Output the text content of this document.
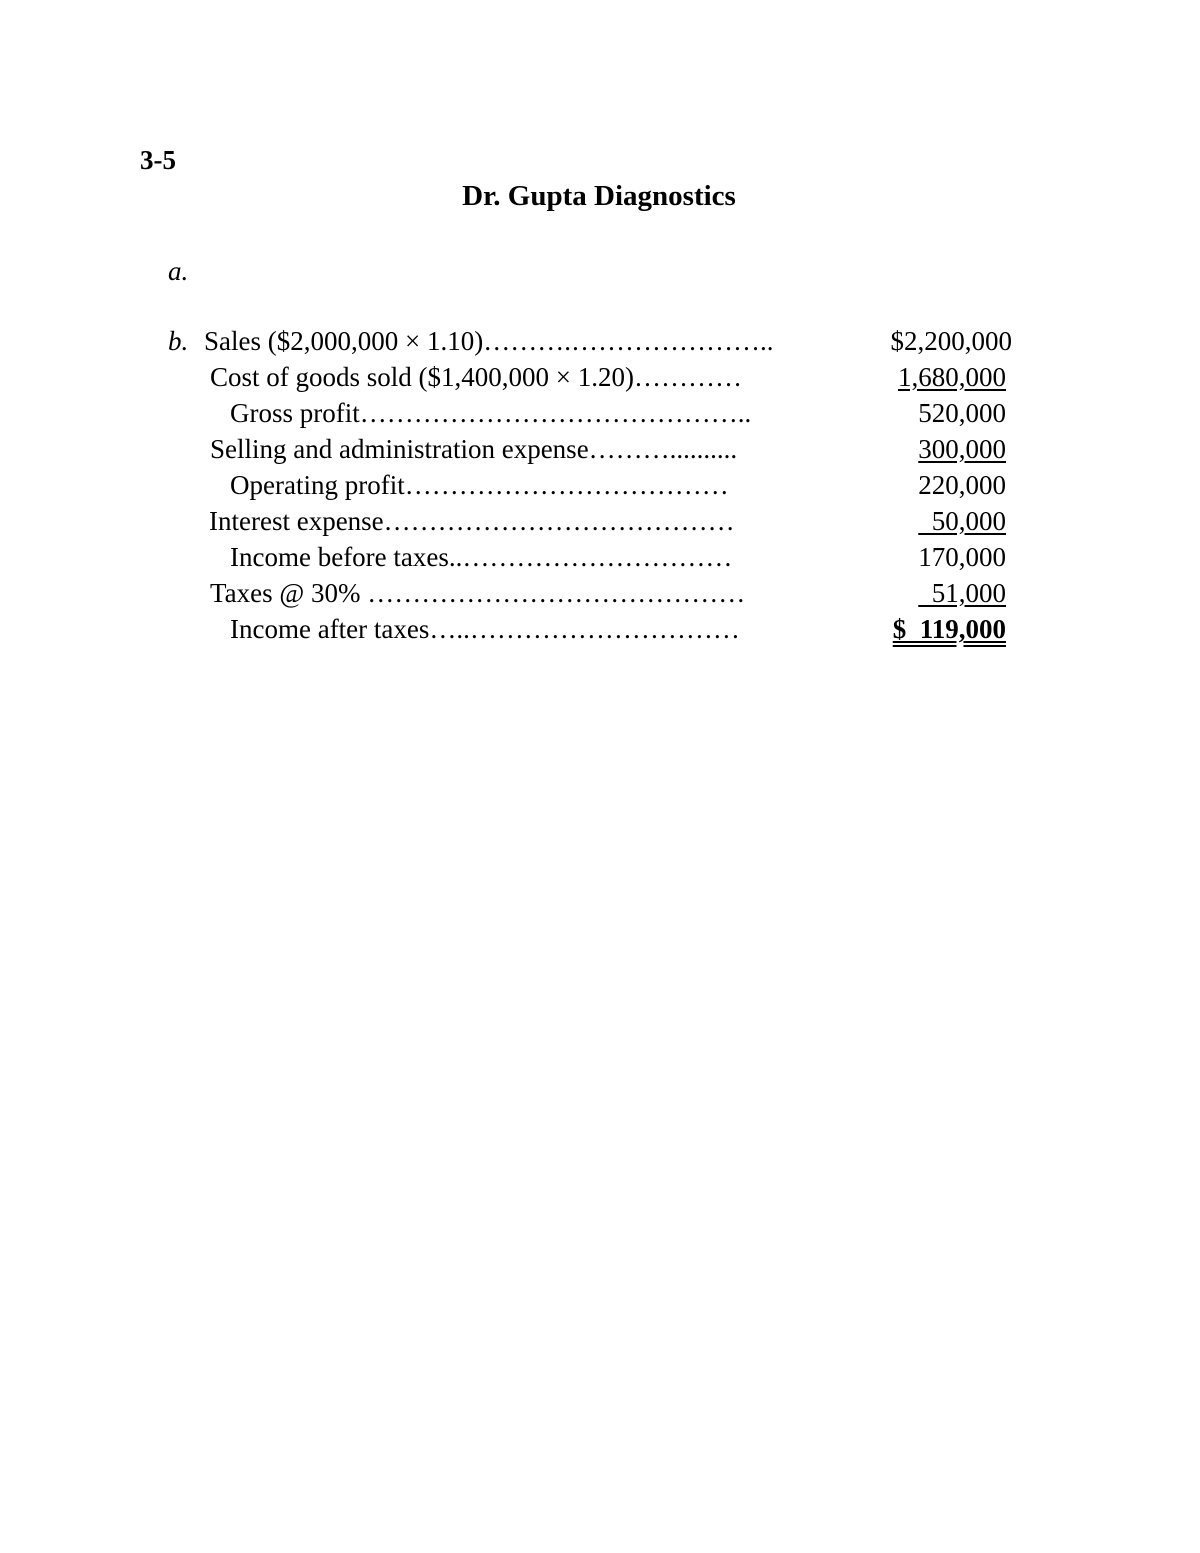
3-5
Dr. Gupta Diagnostics
a.
b. Sales ($2,000,000 × 1.10)……….…………………..	$2,200,000
Cost of goods sold ($1,400,000 × 1.20)…………	1,680,000
Gross profit……………………………………..	520,000
Selling and administration expense………..........	300,000
Operating profit………………………………	220,000
Interest expense…………………………………	50,000
Income before taxes..…………………………	170,000
Taxes @ 30% ……………………………………	51,000
Income after taxes…..…………………………	$  119,000
